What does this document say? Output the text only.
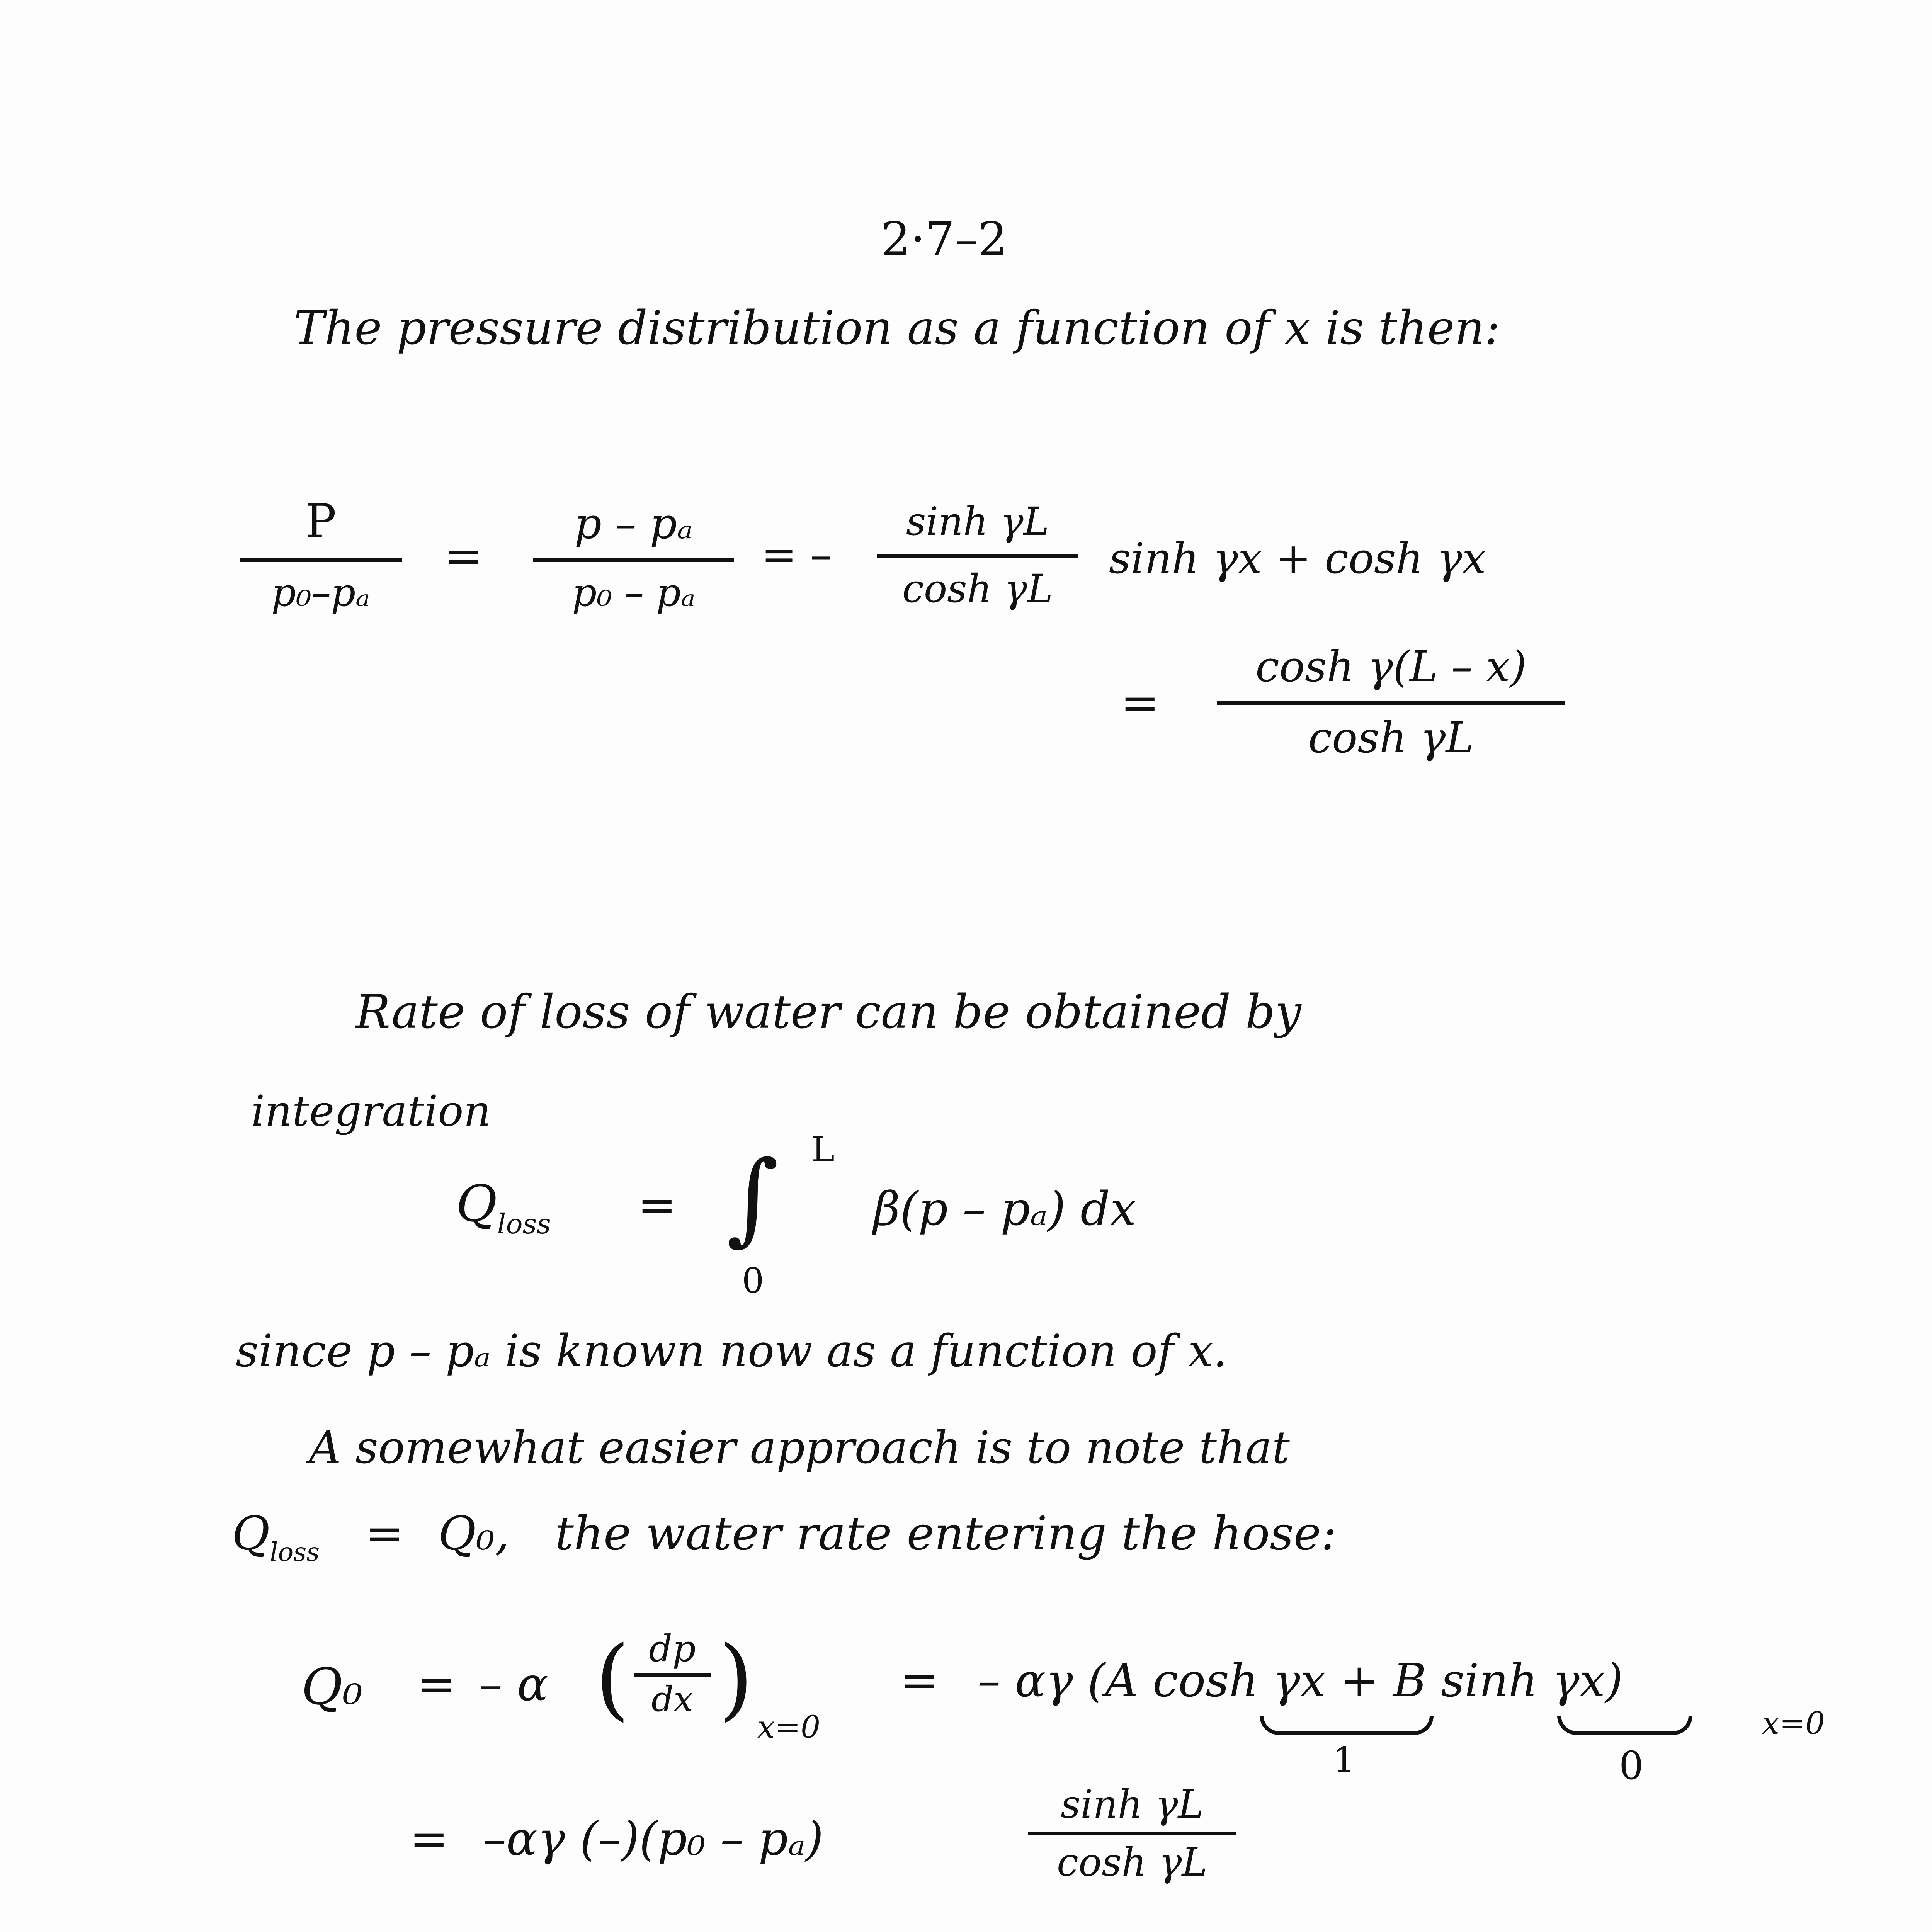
2·7–2
The pressure distribution as a function of x is then:
P
p₀–pₐ
=
p – pₐ
p₀ – pₐ
= –
sinh γL
cosh γL
sinh γx + cosh γx
=
cosh γ(L – x)
cosh γL
Rate of loss of water can be obtained by
integration
$Q_{loss}$ = ∫ L
0
β(p – pₐ) dx
since p – pₐ is known now as a function of x.
A somewhat easier approach is to note that
$Q_{loss} = Q_0$, the water rate entering the hose:
Q₀ = – α ( dp
dx ) x=0
= – αγ (A cosh γx + B sinh γx)
x=0
1	0
= –αγ (–)(p₀ – pₐ)
sinh γL
cosh γL
